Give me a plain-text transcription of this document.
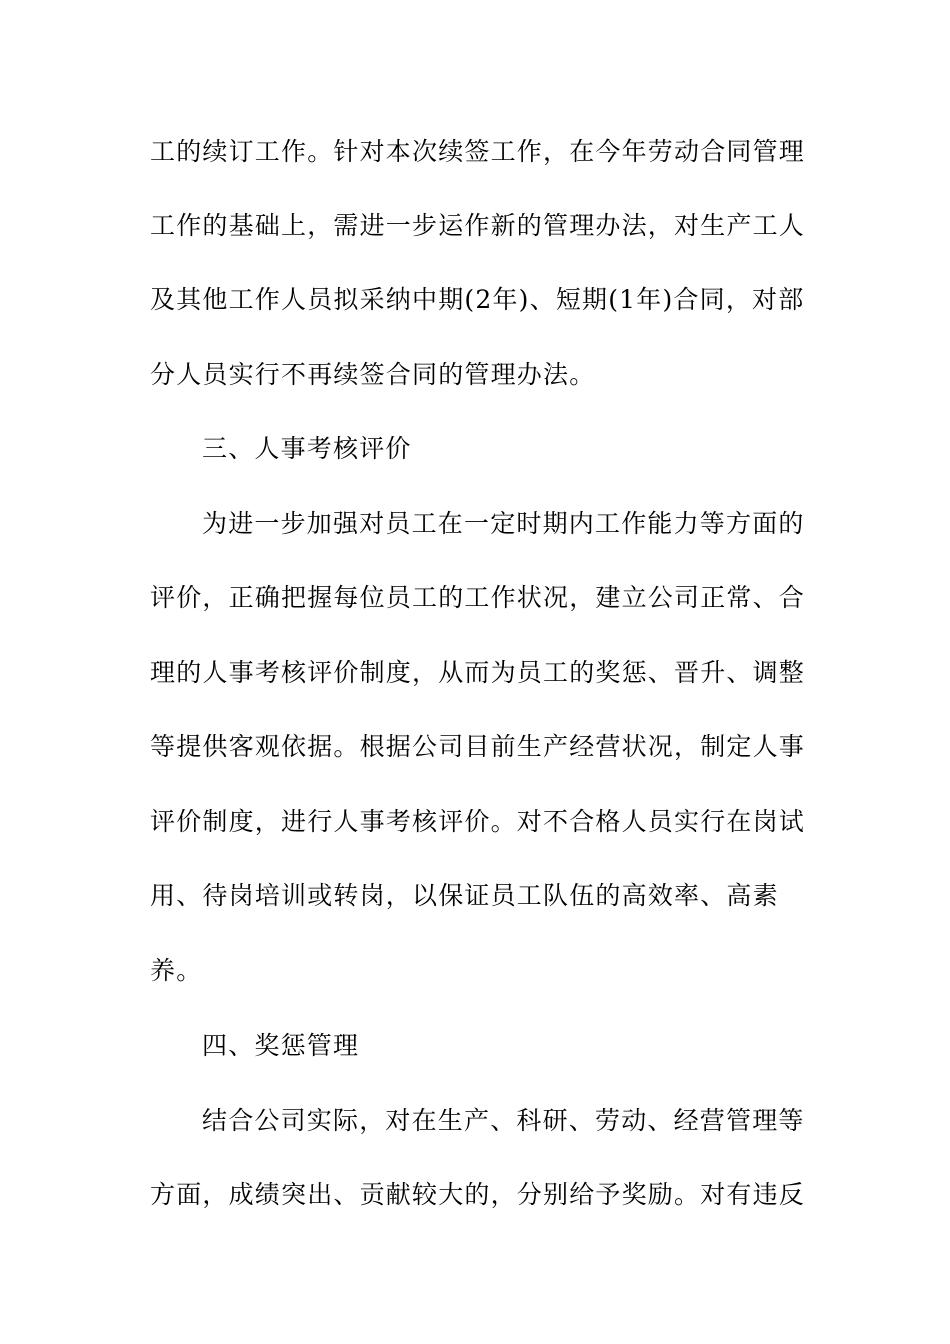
工的续订工作。针对本次续签工作，在今年劳动合同管理
工作的基础上，需进一步运作新的管理办法，对生产工人
及其他工作人员拟采纳中期(2年)、短期(1年)合同，对部
分人员实行不再续签合同的管理办法。
三、人事考核评价
为进一步加强对员工在一定时期内工作能力等方面的
评价，正确把握每位员工的工作状况，建立公司正常、合
理的人事考核评价制度，从而为员工的奖惩、晋升、调整
等提供客观依据。根据公司目前生产经营状况，制定人事
评价制度，进行人事考核评价。对不合格人员实行在岗试
用、待岗培训或转岗，以保证员工队伍的高效率、高素
养。
四、奖惩管理
结合公司实际，对在生产、科研、劳动、经营管理等
方面，成绩突出、贡献较大的，分别给予奖励。对有违反
